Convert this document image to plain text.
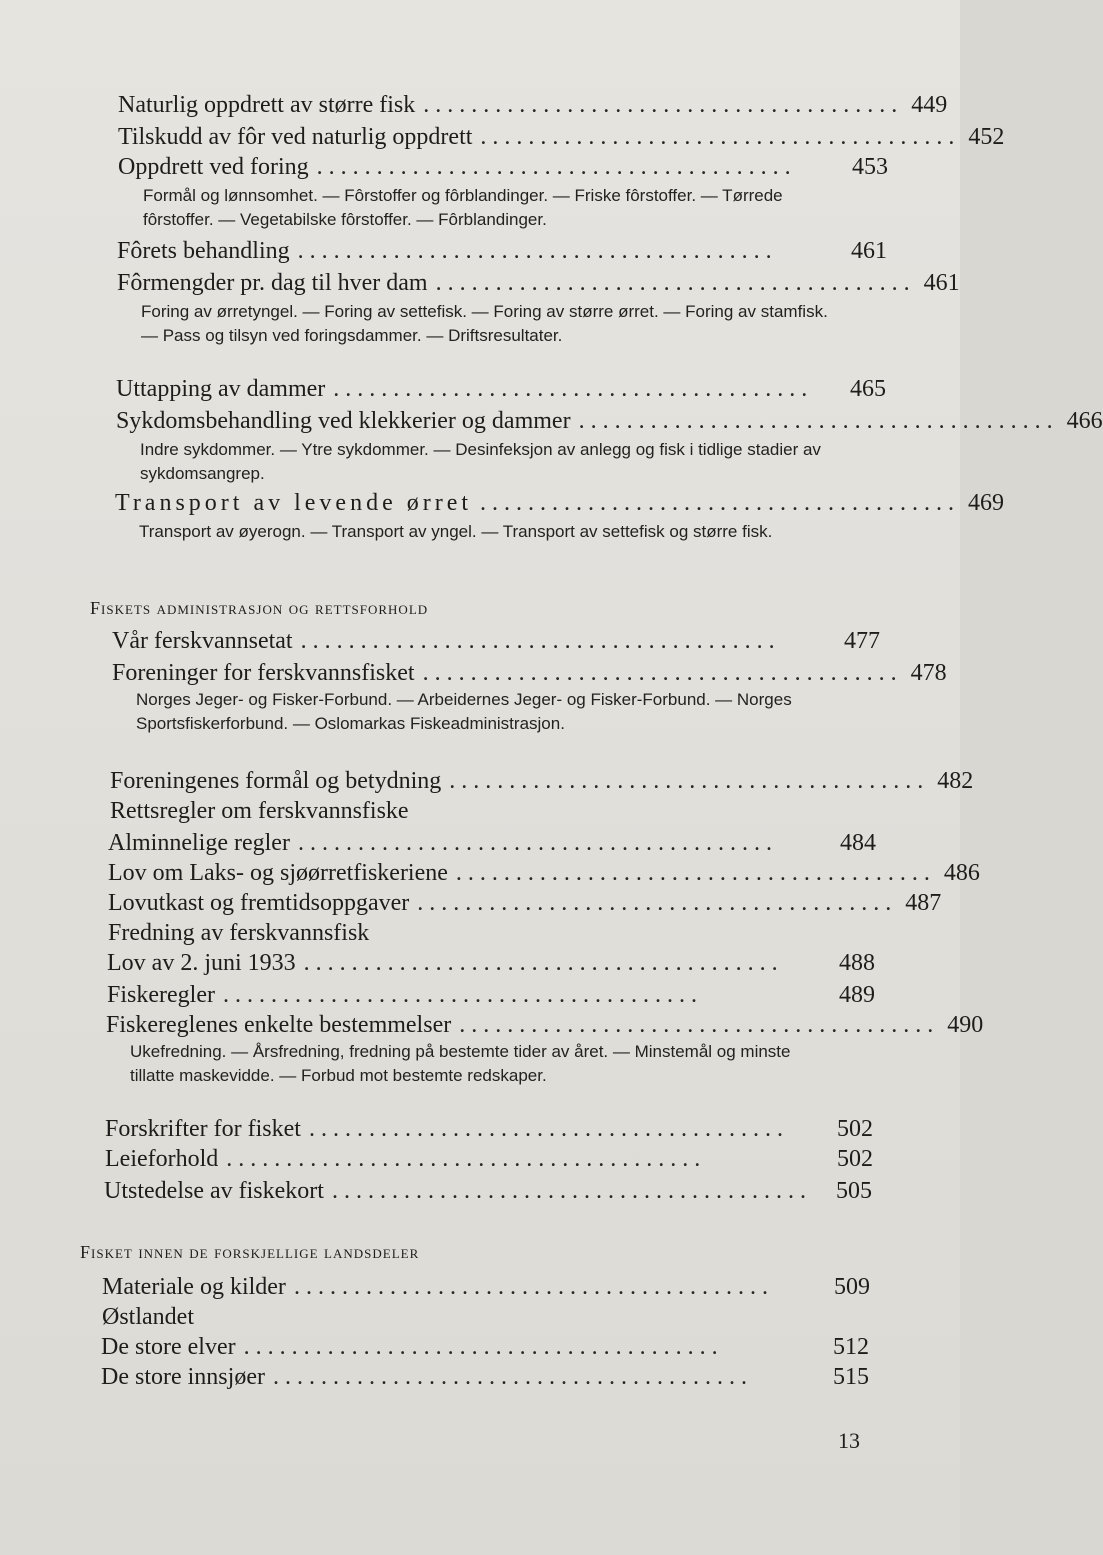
Naturlig oppdrett av større fisk ........................................ 449
Tilskudd av fôr ved naturlig oppdrett ........................................ 452
Oppdrett ved foring ........................................	453
Formål og lønnsomhet. — Fôrstoffer og fôrblandinger. — Friske fôrstoffer. — Tørrede fôrstoffer. — Vegetabilske fôrstoffer. — Fôrblandinger.
Fôrets behandling ........................................	461
Fôrmengder pr. dag til hver dam ........................................ 461
Foring av ørretyngel. — Foring av settefisk. — Foring av større ørret. — Foring av stamfisk. — Pass og tilsyn ved foringsdammer. — Driftsresultater.
Uttapping av dammer ........................................	465
Sykdomsbehandling ved klekkerier og dammer ........................................ 466
Indre sykdommer. — Ytre sykdommer. — Desinfeksjon av anlegg og fisk i tidlige stadier av sykdomsangrep.
Transport av levende ørret ........................................ 469
Transport av øyerogn. — Transport av yngel. — Transport av settefisk og større fisk.
Fiskets administrasjon og rettsforhold
Vår ferskvannsetat ........................................	477
Foreninger for ferskvannsfisket ........................................ 478
Norges Jeger- og Fisker-Forbund. — Arbeidernes Jeger- og Fisker-Forbund. — Norges Sportsfiskerforbund. — Oslomarkas Fiskeadministrasjon.
Foreningenes formål og betydning ........................................ 482
Rettsregler om ferskvannsfiske
Alminnelige regler ........................................	484
Lov om Laks- og sjøørretfiskeriene ........................................ 486
Lovutkast og fremtidsoppgaver ........................................ 487
Fredning av ferskvannsfisk
Lov av 2. juni 1933 ........................................	488
Fiskeregler ........................................	489
Fiskereglenes enkelte bestemmelser ........................................ 490
Ukefredning. — Årsfredning, fredning på bestemte tider av året. — Minstemål og minste tillatte maskevidde. — Forbud mot bestemte redskaper.
Forskrifter for fisket ........................................	502
Leieforhold ........................................	502
Utstedelse av fiskekort ........................................	505
Fisket innen de forskjellige landsdeler
Materiale og kilder ........................................	509
Østlandet
De store elver ........................................	512
De store innsjøer ........................................	515
13
